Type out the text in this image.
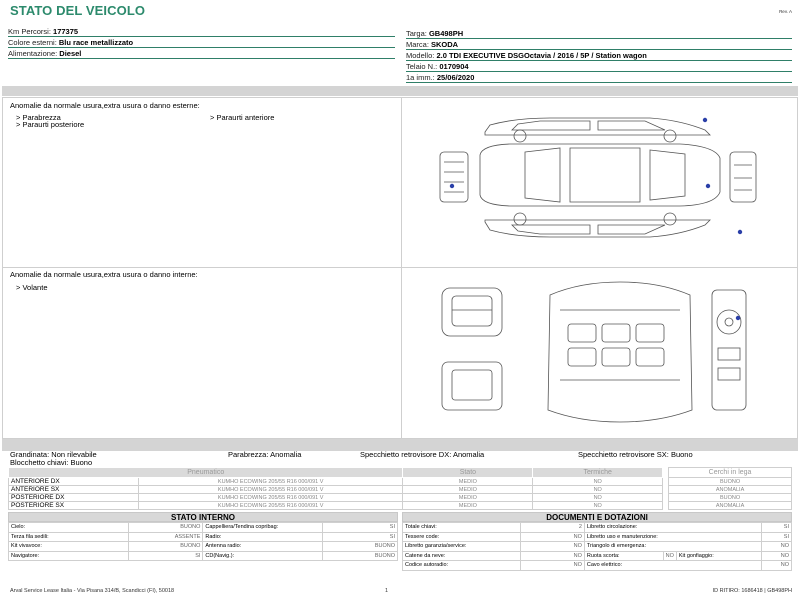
STATO DEL VEICOLO	Rev. A
Km Percorsi: 177375
Colore esterni: Blu race metallizzato
Alimentazione: Diesel
Targa: GB498PH
Marca: SKODA
Modello: 2.0 TDI EXECUTIVE DSGOctavia / 2016 / 5P / Station wagon
Telaio N.: 0170904
1a imm.: 25/06/2020
Anomalie da normale usura,extra usura o danno esterne:
> Parabrezza	> Paraurti anteriore
> Paraurti posteriore
Anomalie da normale usura,extra usura o danno interne:
> Volante
Grandinata: Non rilevabile	Parabrezza: Anomalia	Specchietto retrovisore DX: Anomalia	Specchietto retrovisore SX: Buono
Blocchetto chiavi: Buono
Pneumatico		Stato	Termiche		Cerchi in lega
ANTERIORE DX	KUMHO ECOWING 205/55 R16 000/091 V	MEDIO	NO		BUONO
ANTERIORE SX	KUMHO ECOWING 205/55 R16 000/091 V	MEDIO	NO		ANOMALIA
POSTERIORE DX	KUMHO ECOWING 205/55 R16 000/091 V	MEDIO	NO		BUONO
POSTERIORE SX	KUMHO ECOWING 205/55 R16 000/091 V	MEDIO	NO		ANOMALIA
STATO INTERNO
Cielo:	BUONO	Cappelliera/Tendina copribag:	SI
Terza fila sedili:	ASSENTE	Radio:	SI
Kit vivavoce:	BUONO	Antenna radio:	BUONO
Navigatore:	SI	CD(Navig.):	BUONO
DOCUMENTI E DOTAZIONI
Totale chiavi:	2	Libretto circolazione:			SI
Tessere code:	NO	Libretto uso e manutenzione:			SI
Libretto garanzia/service:	NO	Triangolo di emergenza:			NO
Catene da neve:	NO	Ruota scorta:	NO	Kit gonfiaggio:	NO
Codice autoradio:	NO	Cavo elettrico:			NO
Arval Service Lease Italia - Via Pisana 314/B, Scandicci (FI), 50018	1	ID RITIRO: 1686418 | GB498PH
